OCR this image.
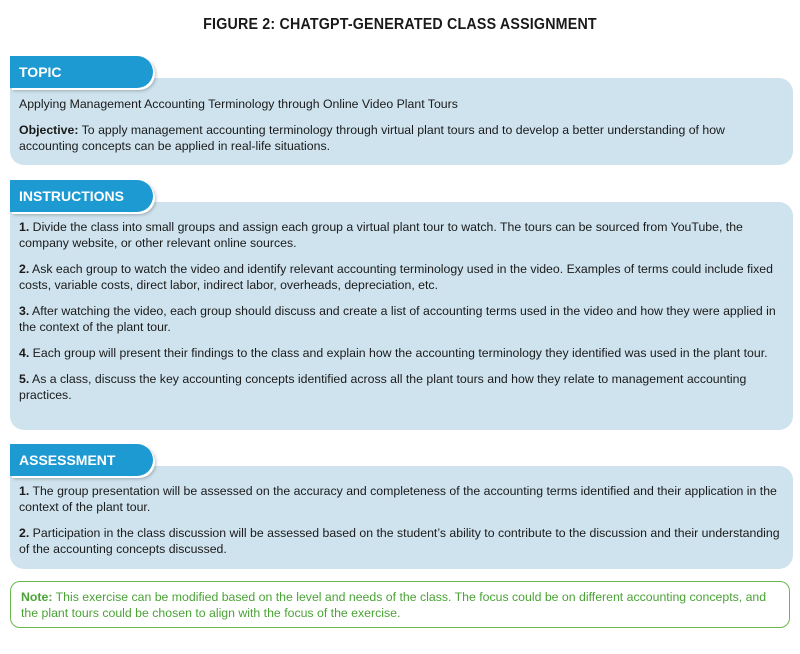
FIGURE 2: CHATGPT-GENERATED CLASS ASSIGNMENT
TOPIC

Applying Management Accounting Terminology through Online Video Plant Tours

Objective: To apply management accounting terminology through virtual plant tours and to develop a better understanding of how accounting concepts can be applied in real-life situations.

INSTRUCTIONS

1. Divide the class into small groups and assign each group a virtual plant tour to watch. The tours can be sourced from YouTube, the company website, or other relevant online sources.

2. Ask each group to watch the video and identify relevant accounting terminology used in the video. Examples of terms could include fixed costs, variable costs, direct labor, indirect labor, overheads, depreciation, etc.

3. After watching the video, each group should discuss and create a list of accounting terms used in the video and how they were applied in the context of the plant tour.

4. Each group will present their findings to the class and explain how the accounting terminology they identified was used in the plant tour.

5. As a class, discuss the key accounting concepts identified across all the plant tours and how they relate to management accounting practices.

ASSESSMENT

1. The group presentation will be assessed on the accuracy and completeness of the accounting terms identified and their application in the context of the plant tour.

2. Participation in the class discussion will be assessed based on the student’s ability to contribute to the discussion and their understanding of the accounting concepts discussed.

Note: This exercise can be modified based on the level and needs of the class. The focus could be on different accounting concepts, and the plant tours could be chosen to align with the focus of the exercise.
